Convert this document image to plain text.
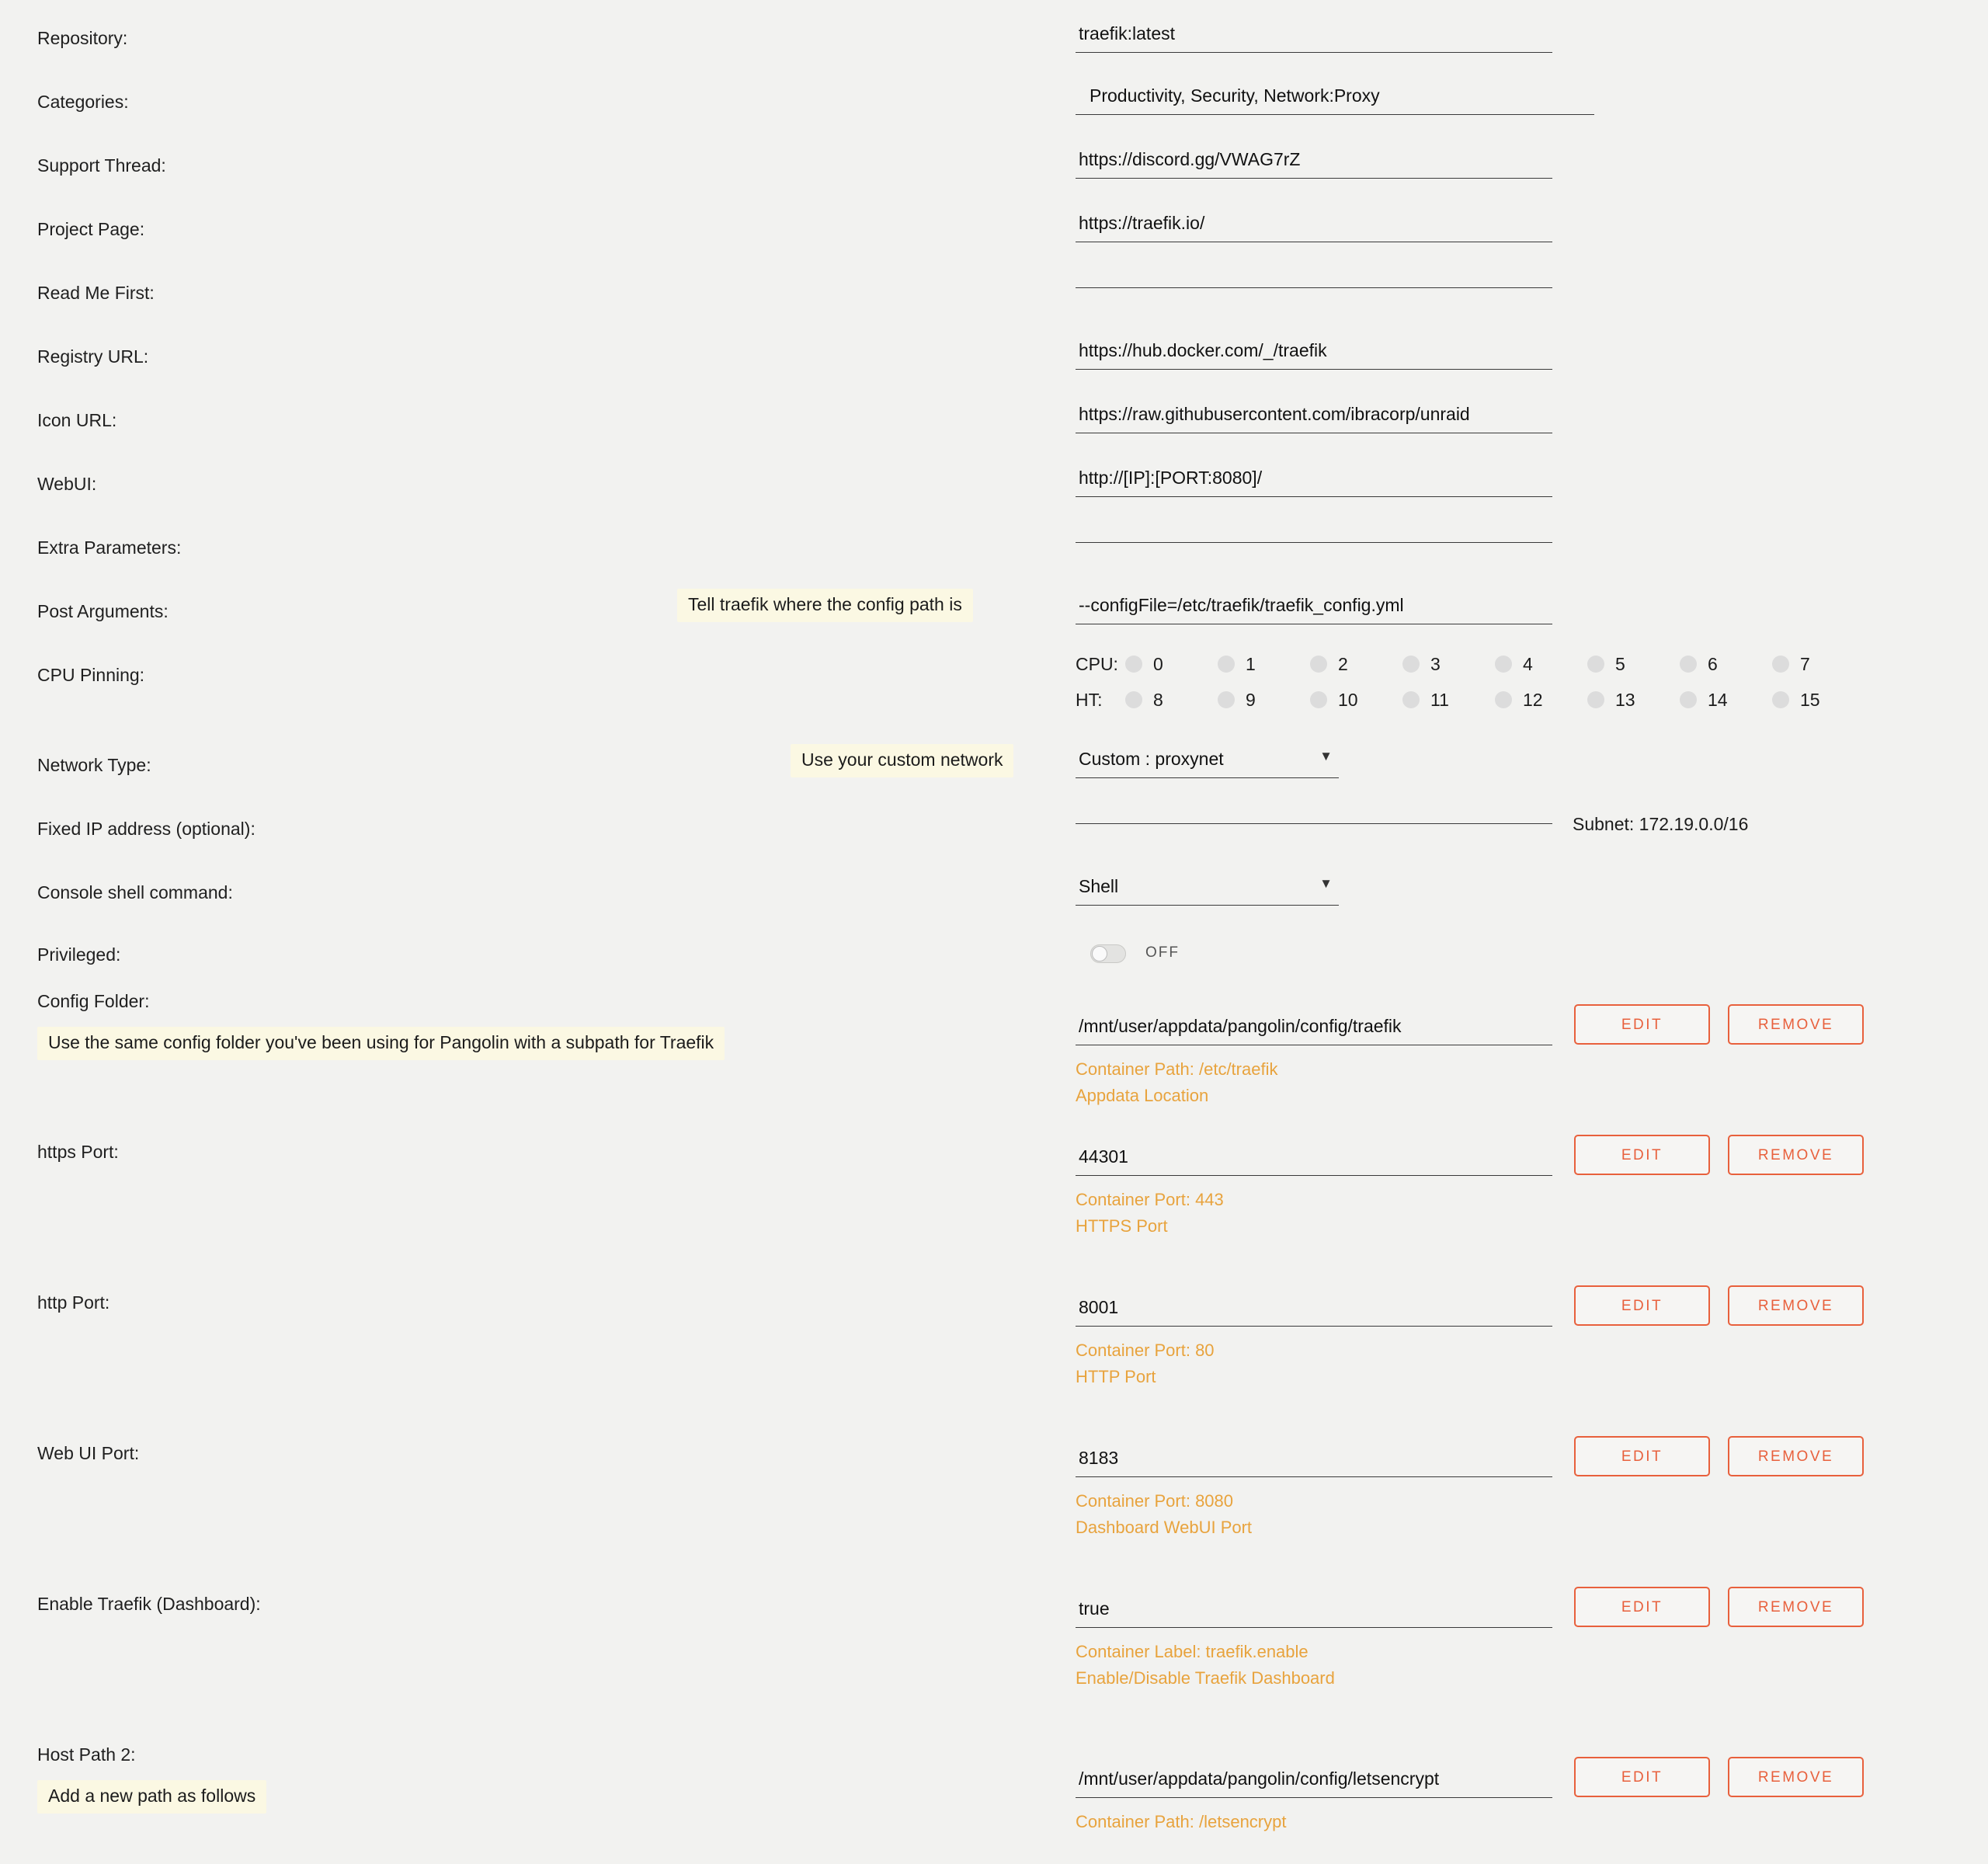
Repository:	traefik:latest
Categories:	Productivity, Security, Network:Proxy
Support Thread:	https://discord.gg/VWAG7rZ
Project Page:	https://traefik.io/
Read Me First:
Registry URL:	https://hub.docker.com/_/traefik
Icon URL:	https://raw.githubusercontent.com/ibracorp/unraid
WebUI:	http://[IP]:[PORT:8080]/
Extra Parameters:
Post Arguments:	Tell traefik where the config path is	--configFile=/etc/traefik/traefik_config.yml
CPU Pinning:
CPU:	0	1	2	3	4	5	6	7
HT:	8	9	10	11	12	13	14	15
Network Type:	Use your custom network	Custom : proxynet	▼
Fixed IP address (optional):	Subnet: 172.19.0.0/16
Console shell command:	Shell	▼
Privileged:	OFF
Config Folder:
Use the same config folder you've been using for Pangolin with a subpath for Traefik
/mnt/user/appdata/pangolin/config/traefik	EDIT	REMOVE
Container Path: /etc/traefik
Appdata Location
https Port:	44301	EDIT	REMOVE
Container Port: 443
HTTPS Port
http Port:	8001	EDIT	REMOVE
Container Port: 80
HTTP Port
Web UI Port:	8183	EDIT	REMOVE
Container Port: 8080
Dashboard WebUI Port
Enable Traefik (Dashboard):	true	EDIT	REMOVE
Container Label: traefik.enable
Enable/Disable Traefik Dashboard
Host Path 2:
Add a new path as follows
/mnt/user/appdata/pangolin/config/letsencrypt	EDIT	REMOVE
Container Path: /letsencrypt
